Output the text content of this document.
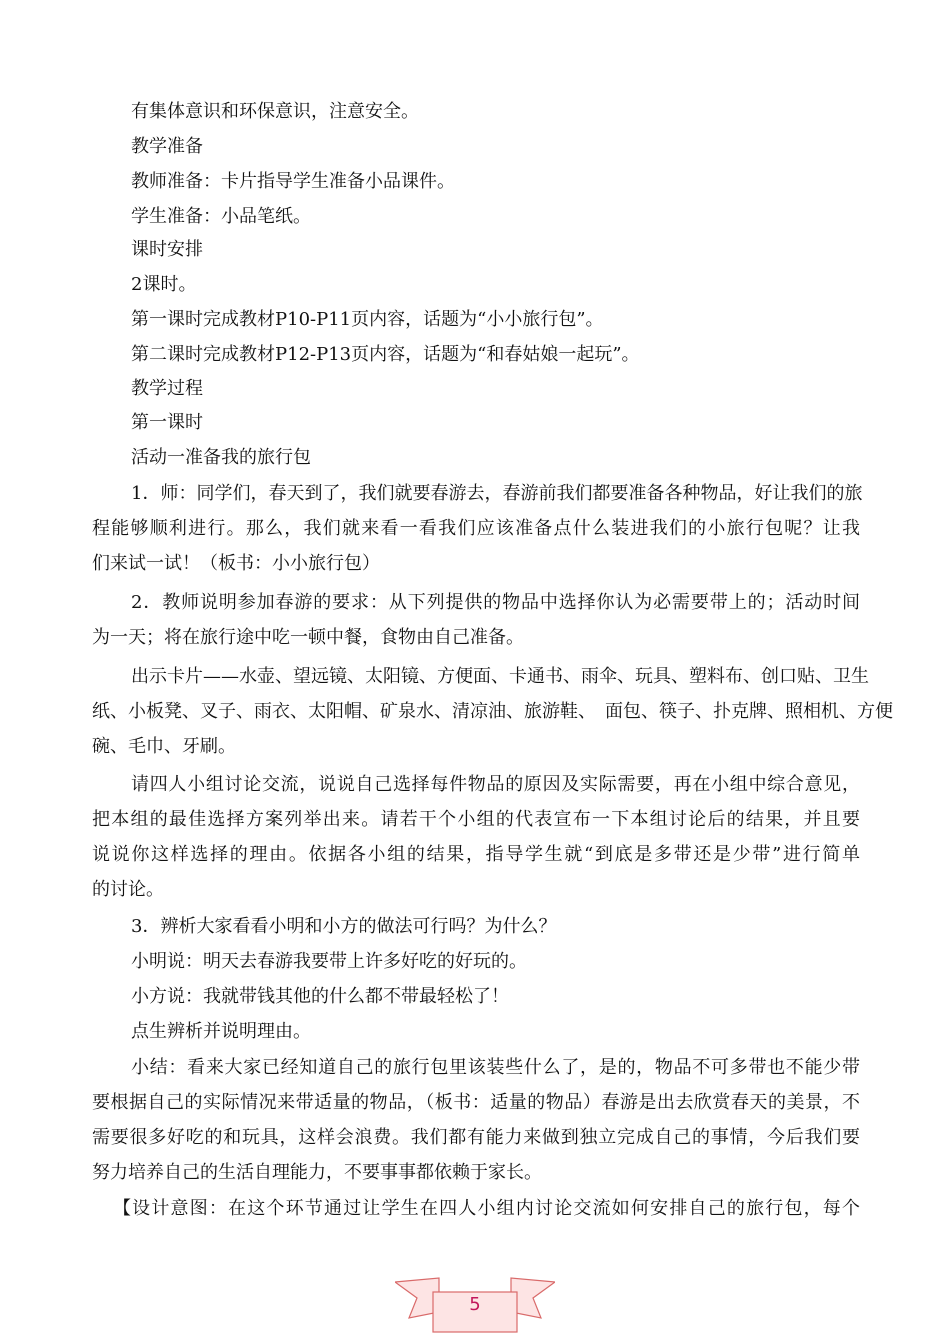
有集体意识和环保意识，注意安全。
教学准备
教师准备：卡片指导学生准备小品课件。
学生准备：小品笔纸。
课时安排
2课时。
第一课时完成教材P10-P11页内容，话题为“小小旅行包”。
第二课时完成教材P12-P13页内容，话题为“和春姑娘一起玩”。
教学过程
第一课时
活动一准备我的旅行包
1．师：同学们，春天到了，我们就要春游去，春游前我们都要准备各种物品，好让我们的旅
程能够顺利进行。那么，我们就来看一看我们应该准备点什么装进我们的小旅行包呢？让我
们来试一试！（板书：小小旅行包）
2．教师说明参加春游的要求：从下列提供的物品中选择你认为必需要带上的；活动时间
为一天；将在旅行途中吃一顿中餐，食物由自己准备。
出示卡片——水壶、望远镜、太阳镜、方便面、卡通书、雨伞、玩具、塑料布、创口贴、卫生
纸、小板凳、叉子、雨衣、太阳帽、矿泉水、清凉油、旅游鞋、　面包、筷子、扑克牌、照相机、方便
碗、毛巾、牙刷。
请四人小组讨论交流，说说自己选择每件物品的原因及实际需要，再在小组中综合意见，
把本组的最佳选择方案列举出来。请若干个小组的代表宣布一下本组讨论后的结果，并且要
说说你这样选择的理由。依据各小组的结果，指导学生就“到底是多带还是少带”进行简单
的讨论。
3．辨析大家看看小明和小方的做法可行吗？为什么？
小明说：明天去春游我要带上许多好吃的好玩的。
小方说：我就带钱其他的什么都不带最轻松了！
点生辨析并说明理由。
小结：看来大家已经知道自己的旅行包里该装些什么了，是的，物品不可多带也不能少带
要根据自己的实际情况来带适量的物品，（板书：适量的物品）春游是出去欣赏春天的美景，不
需要很多好吃的和玩具，这样会浪费。我们都有能力来做到独立完成自己的事情，今后我们要
努力培养自己的生活自理能力，不要事事都依赖于家长。
【设计意图：在这个环节通过让学生在四人小组内讨论交流如何安排自己的旅行包，每个
5
